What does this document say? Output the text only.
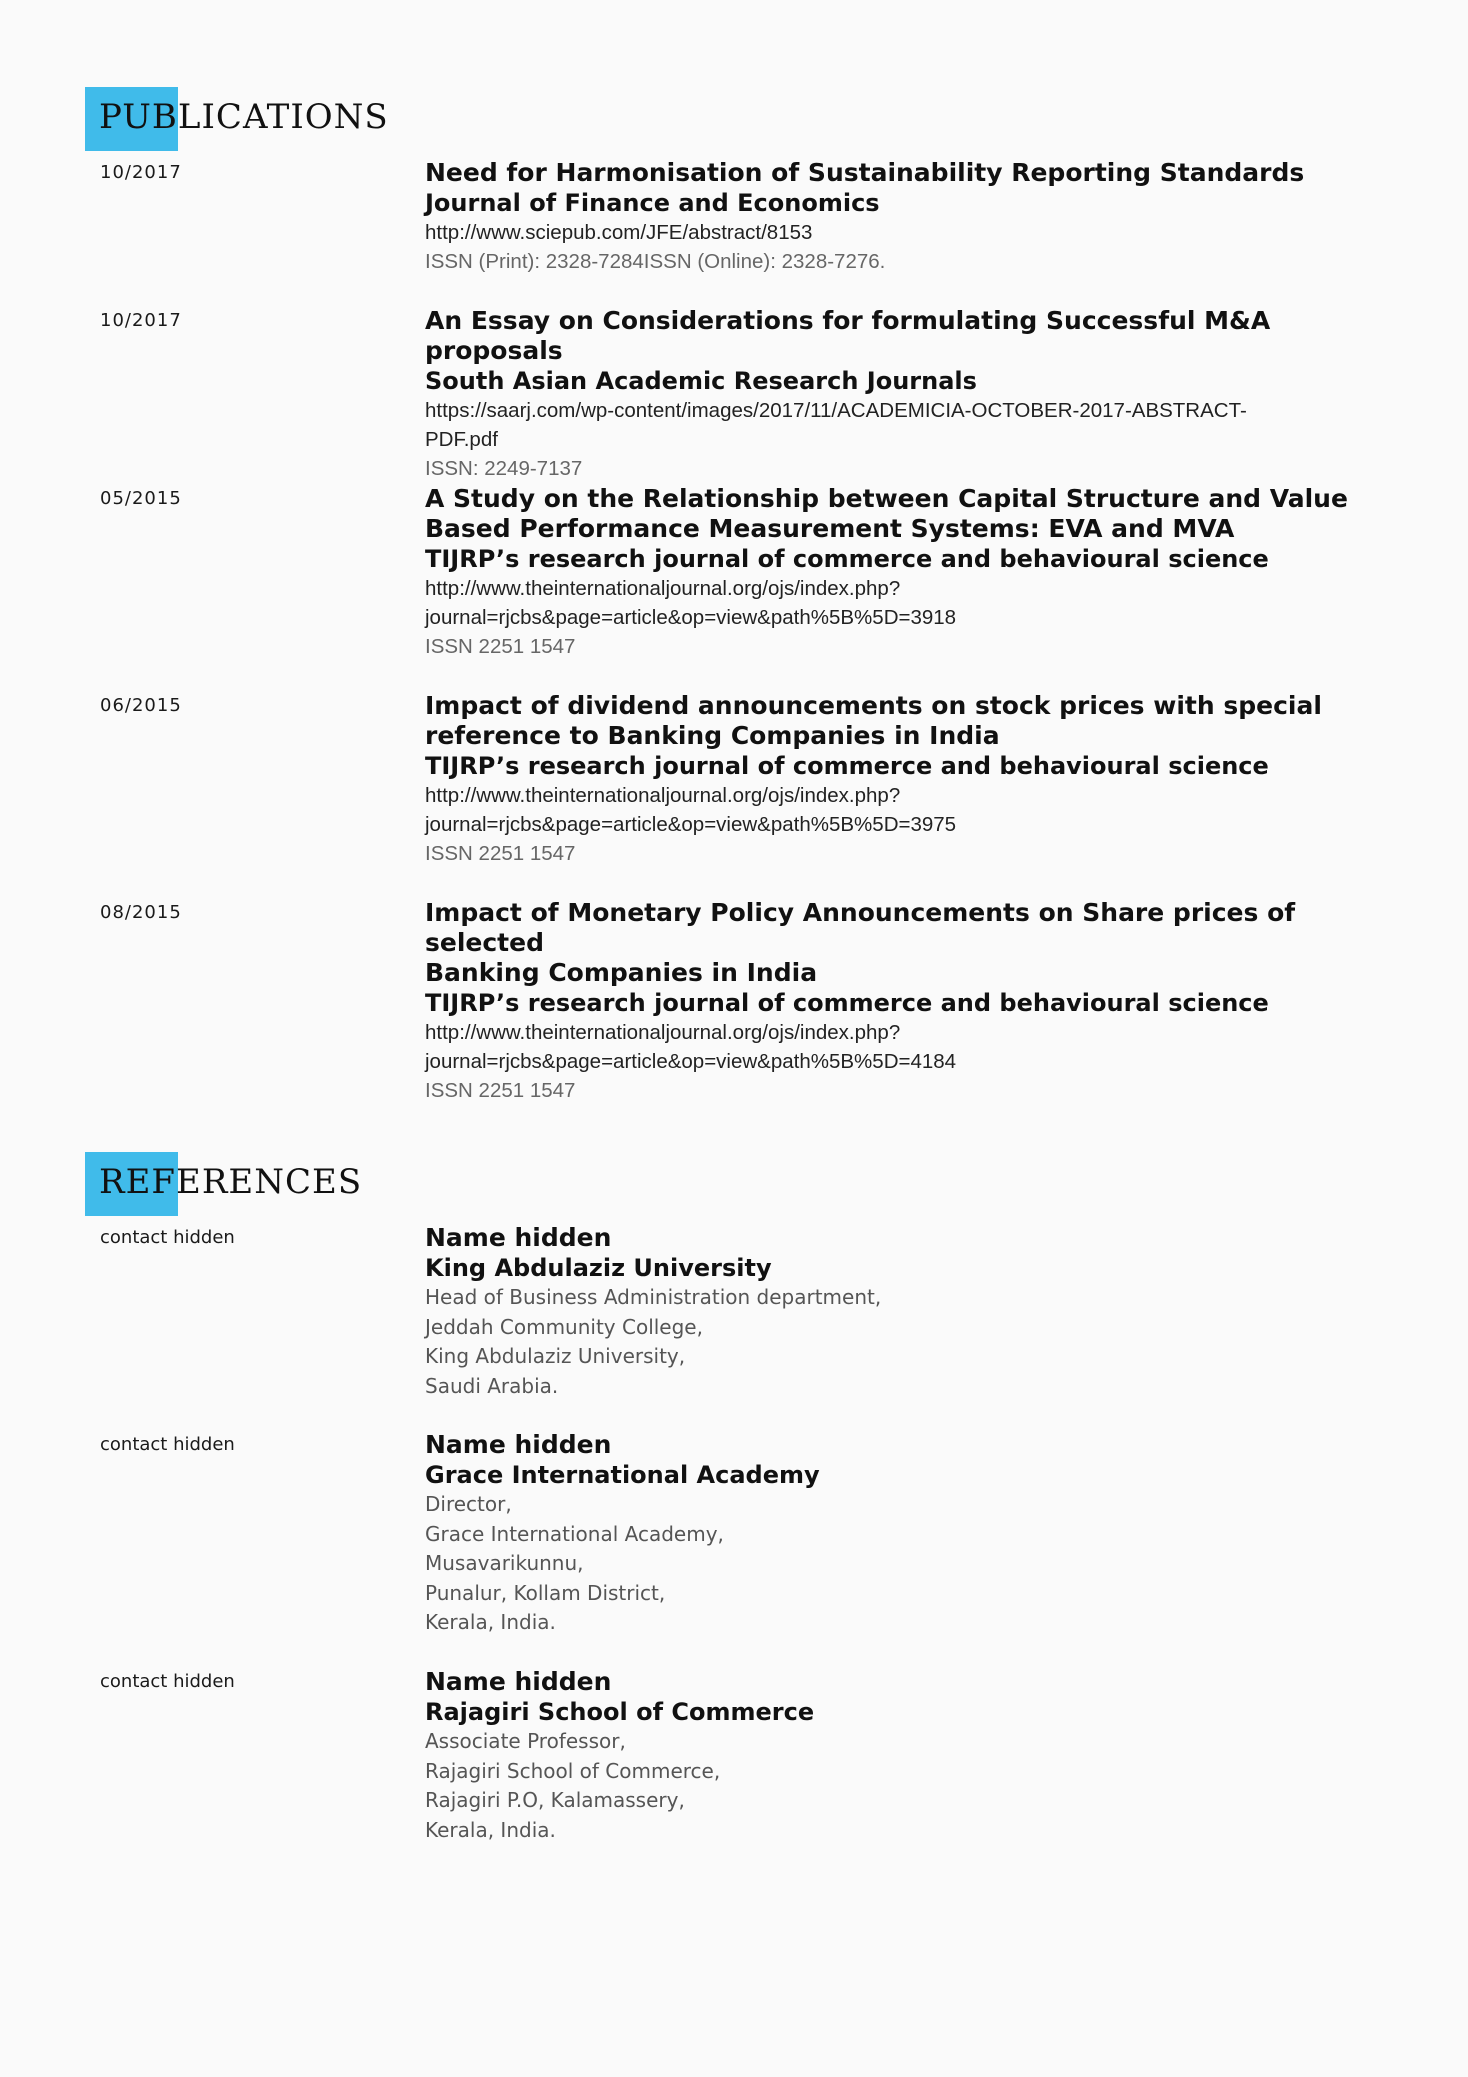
PUBLICATIONS
10/2017	Need for Harmonisation of Sustainability Reporting Standards
Journal of Finance and Economics
http://www.sciepub.com/JFE/abstract/8153
ISSN (Print): 2328-7284ISSN (Online): 2328-7276.
10/2017	An Essay on Considerations for formulating Successful M&A proposals
South Asian Academic Research Journals
https://saarj.com/wp-content/images/2017/11/ACADEMICIA-OCTOBER-2017-ABSTRACT-
PDF.pdf
ISSN: 2249-7137
05/2015	A Study on the Relationship between Capital Structure and Value
Based Performance Measurement Systems: EVA and MVA
TIJRP’s research journal of commerce and behavioural science
http://www.theinternationaljournal.org/ojs/index.php?
journal=rjcbs&page=article&op=view&path%5B%5D=3918
ISSN 2251 1547
06/2015	Impact of dividend announcements on stock prices with special
reference to Banking Companies in India
TIJRP’s research journal of commerce and behavioural science
http://www.theinternationaljournal.org/ojs/index.php?
journal=rjcbs&page=article&op=view&path%5B%5D=3975
ISSN 2251 1547
08/2015	Impact of Monetary Policy Announcements on Share prices of selected
Banking Companies in India
TIJRP’s research journal of commerce and behavioural science
http://www.theinternationaljournal.org/ojs/index.php?
journal=rjcbs&page=article&op=view&path%5B%5D=4184
ISSN 2251 1547
REFERENCES
contact hidden	Name hidden
King Abdulaziz University
Head of Business Administration department,
Jeddah Community College,
King Abdulaziz University,
Saudi Arabia.
contact hidden	Name hidden
Grace International Academy
Director,
Grace International Academy,
Musavarikunnu,
Punalur, Kollam District,
Kerala, India.
contact hidden	Name hidden
Rajagiri School of Commerce
Associate Professor,
Rajagiri School of Commerce,
Rajagiri P.O, Kalamassery,
Kerala, India.
